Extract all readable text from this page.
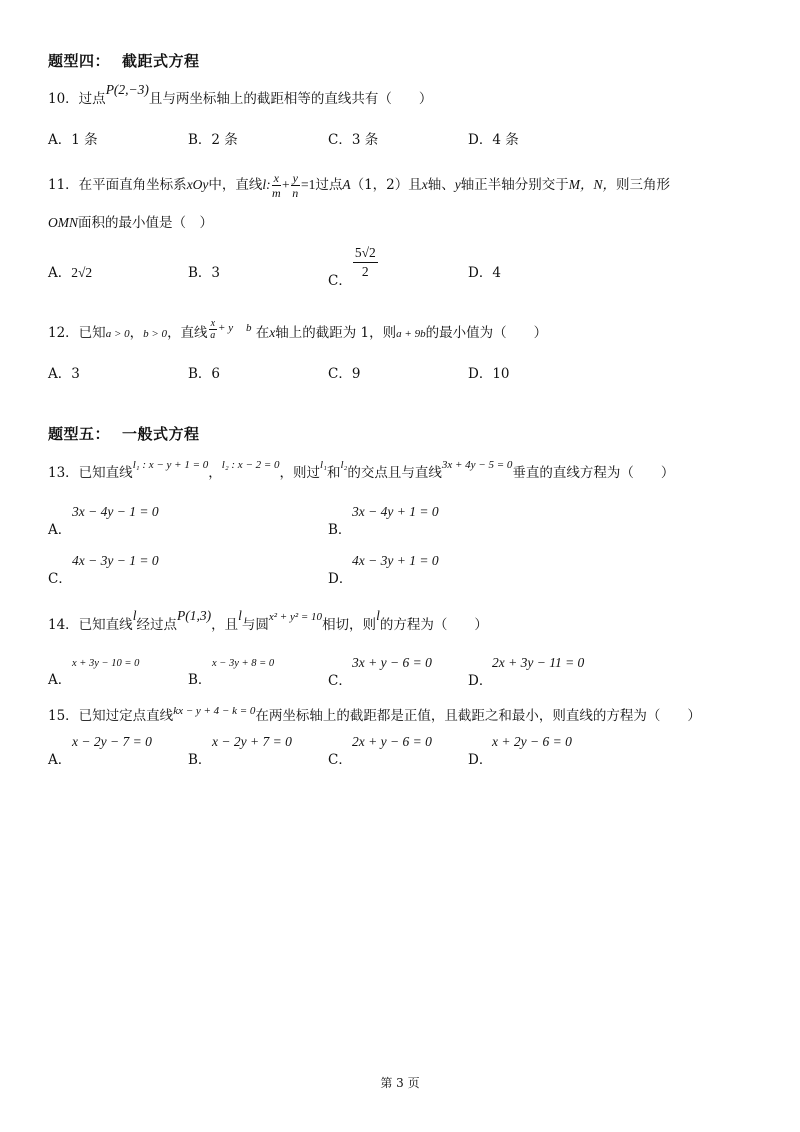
题型四： 截距式方程
10．过点P(2,−3)且与两坐标轴上的截距相等的直线共有（　　）
A．1 条	B．2 条	C．3 条	D．4 条
11．在平面直角坐标系xOy中，直线l: $\frac{x}{m} + \frac{y}{n} =1$过点A（1，2）且x轴、y轴正半轴分别交于M，N，则三角形
OMN面积的最小值是（　）
A．2√2	B．3	C． $\frac{5√2}{2}$	D．4
12．已知a > 0，b > 0，直线 $\frac{x}{a} ^{+ y}$ $^b$ 在x轴上的截距为 1，则a + 9b的最小值为（　　）
A．3	B．6	C．9	D．10
题型五： 一般式方程
13．已知直线$^{l_1 : x - y + 1 = 0}$，$^{l_2 : x - 2 = 0}$，则过$^{l_1}$和$^{l_2}$的交点且与直线$^{3x + 4y - 5 = 0}$垂直的直线方程为（　　）
3x − 4y − 1 = 0
A．
3x − 4y + 1 = 0
B．
4x − 3y − 1 = 0
C．
4x − 3y + 1 = 0
D．
14．已知直线l经过点P(1,3)，且l与圆$^{x^2 + y^2 = 10}$相切，则l的方程为（　　）
x + 3y − 10 = 0
A．
x − 3y + 8 = 0
B．
3x + y − 6 = 0
C．
2x + 3y − 11 = 0
D．
15．已知过定点直线$^{kx - y + 4 - k = 0}$在两坐标轴上的截距都是正值，且截距之和最小，则直线的方程为（　　）
x − 2y − 7 = 0
A．
x − 2y + 7 = 0
B．
2x + y − 6 = 0
C．
x + 2y − 6 = 0
D．
第 3 页
